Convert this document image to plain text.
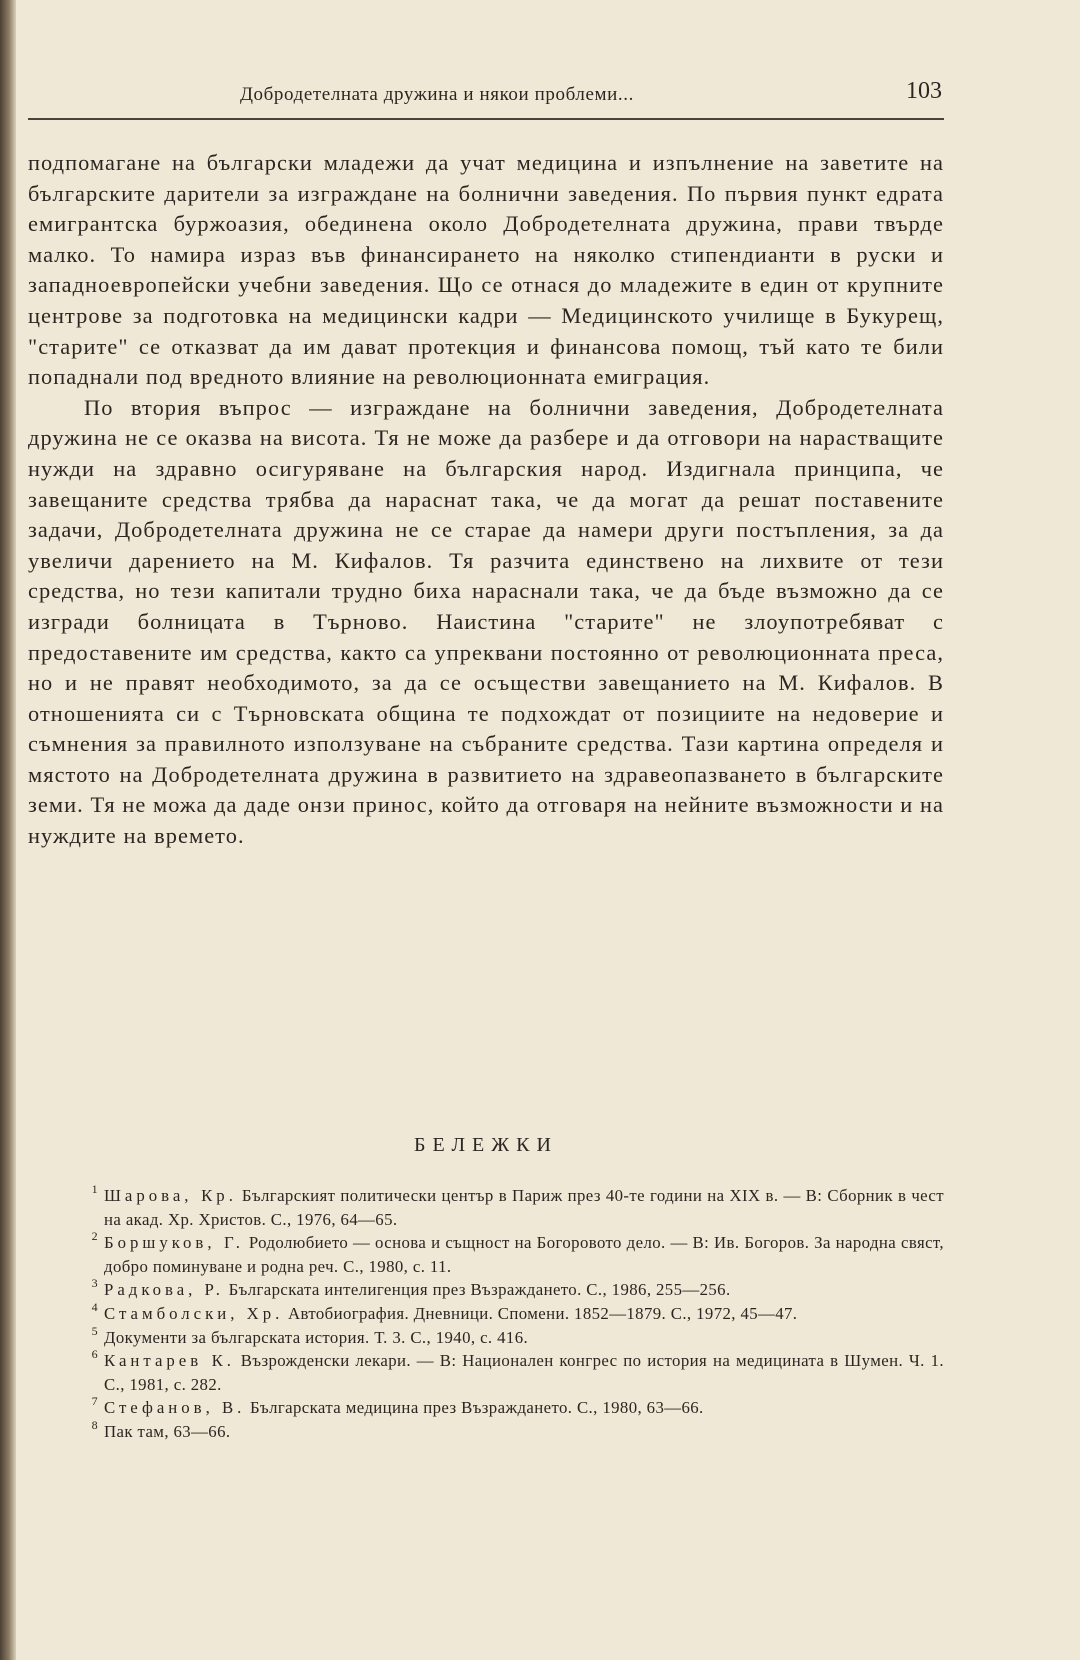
Добродетелната дружина и някои проблеми...	103

подпомагане на български младежи да учат медицина и изпълнение на заветите на българските дарители за изграждане на болнични заведения. По първия пункт едрата емигрантска буржоазия, обединена около Добродетелната дружина, прави твърде малко. То намира израз във финансирането на няколко стипендианти в руски и западноевропейски учебни заведения. Що се отнася до младежите в един от крупните центрове за подготовка на медицински кадри — Медицинското училище в Букурещ, "старите" се отказват да им дават протекция и финансова помощ, тъй като те били попаднали под вредното влияние на революционната емиграция.

По втория въпрос — изграждане на болнични заведения, Добродетелната дружина не се оказва на висота. Тя не може да разбере и да отговори на нарастващите нужди на здравно осигуряване на българския народ. Издигнала принципа, че завещаните средства трябва да нараснат така, че да могат да решат поставените задачи, Добродетелната дружина не се старае да намери други постъпления, за да увеличи дарението на М. Кифалов. Тя разчита единствено на лихвите от тези средства, но тези капитали трудно биха нараснали така, че да бъде възможно да се изгради болницата в Търново. Наистина "старите" не злоупотребяват с предоставените им средства, както са упреквани постоянно от революционната преса, но и не правят необходимото, за да се осъществи завещанието на М. Кифалов. В отношенията си с Търновската община те подхождат от позициите на недоверие и съмнения за правилното използуване на събраните средства. Тази картина определя и мястото на Добродетелната дружина в развитието на здравеопазването в българските земи. Тя не можа да даде онзи принос, който да отговаря на нейните възможности и на нуждите на времето.

БЕЛЕЖКИ
1 Шарова, Кр. Българският политически център в Париж през 40-те години на XIX в. — В: Сборник в чест на акад. Хр. Христов. С., 1976, 64—65.
2 Боршуков, Г. Родолюбието — основа и същност на Богоровото дело. — В: Ив. Богоров. За народна свяст, добро поминуване и родна реч. С., 1980, с. 11.
3 Радкова, Р. Българската интелигенция през Възраждането. С., 1986, 255—256.
4 Стамболски, Хр. Автобиография. Дневници. Спомени. 1852—1879. С., 1972, 45—47.
5 Документи за българската история. Т. 3. С., 1940, с. 416.
6 Кантарев К. Възрожденски лекари. — В: Национален конгрес по история на медицината в Шумен. Ч. 1. С., 1981, с. 282.
7 Стефанов, В. Българската медицина през Възраждането. С., 1980, 63—66.
8 Пак там, 63—66.
